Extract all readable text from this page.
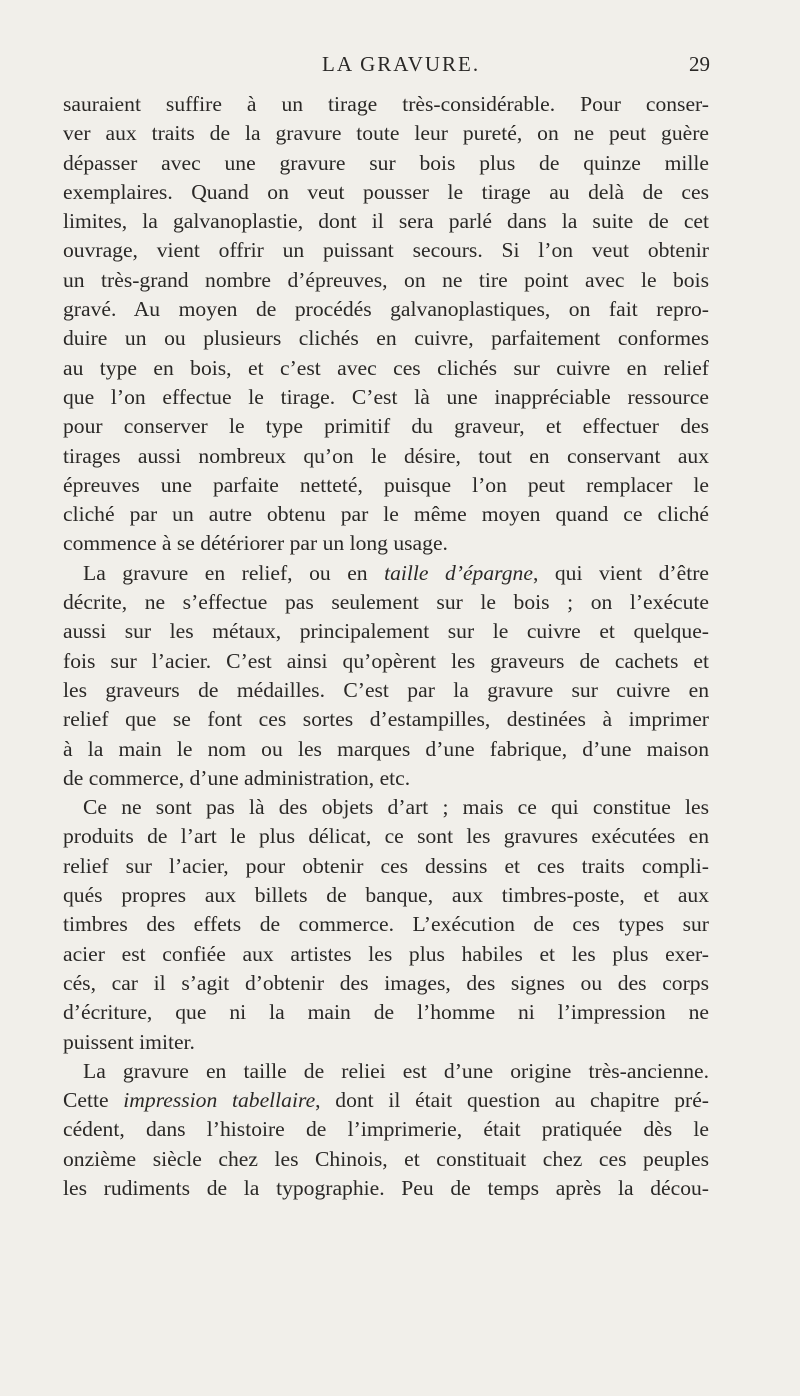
LA GRAVURE.	29

sauraient suffire à un tirage très-considérable. Pour conser-
ver aux traits de la gravure toute leur pureté, on ne peut guère
dépasser avec une gravure sur bois plus de quinze mille
exemplaires. Quand on veut pousser le tirage au delà de ces
limites, la galvanoplastie, dont il sera parlé dans la suite de cet
ouvrage, vient offrir un puissant secours. Si l’on veut obtenir
un très-grand nombre d’épreuves, on ne tire point avec le bois
gravé. Au moyen de procédés galvanoplastiques, on fait repro-
duire un ou plusieurs clichés en cuivre, parfaitement conformes
au type en bois, et c’est avec ces clichés sur cuivre en relief
que l’on effectue le tirage. C’est là une inappréciable ressource
pour conserver le type primitif du graveur, et effectuer des
tirages aussi nombreux qu’on le désire, tout en conservant aux
épreuves une parfaite netteté, puisque l’on peut remplacer le
cliché par un autre obtenu par le même moyen quand ce cliché
commence à se détériorer par un long usage.

La gravure en relief, ou en taille d’épargne, qui vient d’être
décrite, ne s’effectue pas seulement sur le bois ; on l’exécute
aussi sur les métaux, principalement sur le cuivre et quelque-
fois sur l’acier. C’est ainsi qu’opèrent les graveurs de cachets et
les graveurs de médailles. C’est par la gravure sur cuivre en
relief que se font ces sortes d’estampilles, destinées à imprimer
à la main le nom ou les marques d’une fabrique, d’une maison
de commerce, d’une administration, etc.

Ce ne sont pas là des objets d’art ; mais ce qui constitue les
produits de l’art le plus délicat, ce sont les gravures exécutées en
relief sur l’acier, pour obtenir ces dessins et ces traits compli-
qués propres aux billets de banque, aux timbres-poste, et aux
timbres des effets de commerce. L’exécution de ces types sur
acier est confiée aux artistes les plus habiles et les plus exer-
cés, car il s’agit d’obtenir des images, des signes ou des corps
d’écriture, que ni la main de l’homme ni l’impression ne
puissent imiter.

La gravure en taille de reliei est d’une origine très-ancienne.
Cette impression tabellaire, dont il était question au chapitre pré-
cédent, dans l’histoire de l’imprimerie, était pratiquée dès le
onzième siècle chez les Chinois, et constituait chez ces peuples
les rudiments de la typographie. Peu de temps après la décou-
